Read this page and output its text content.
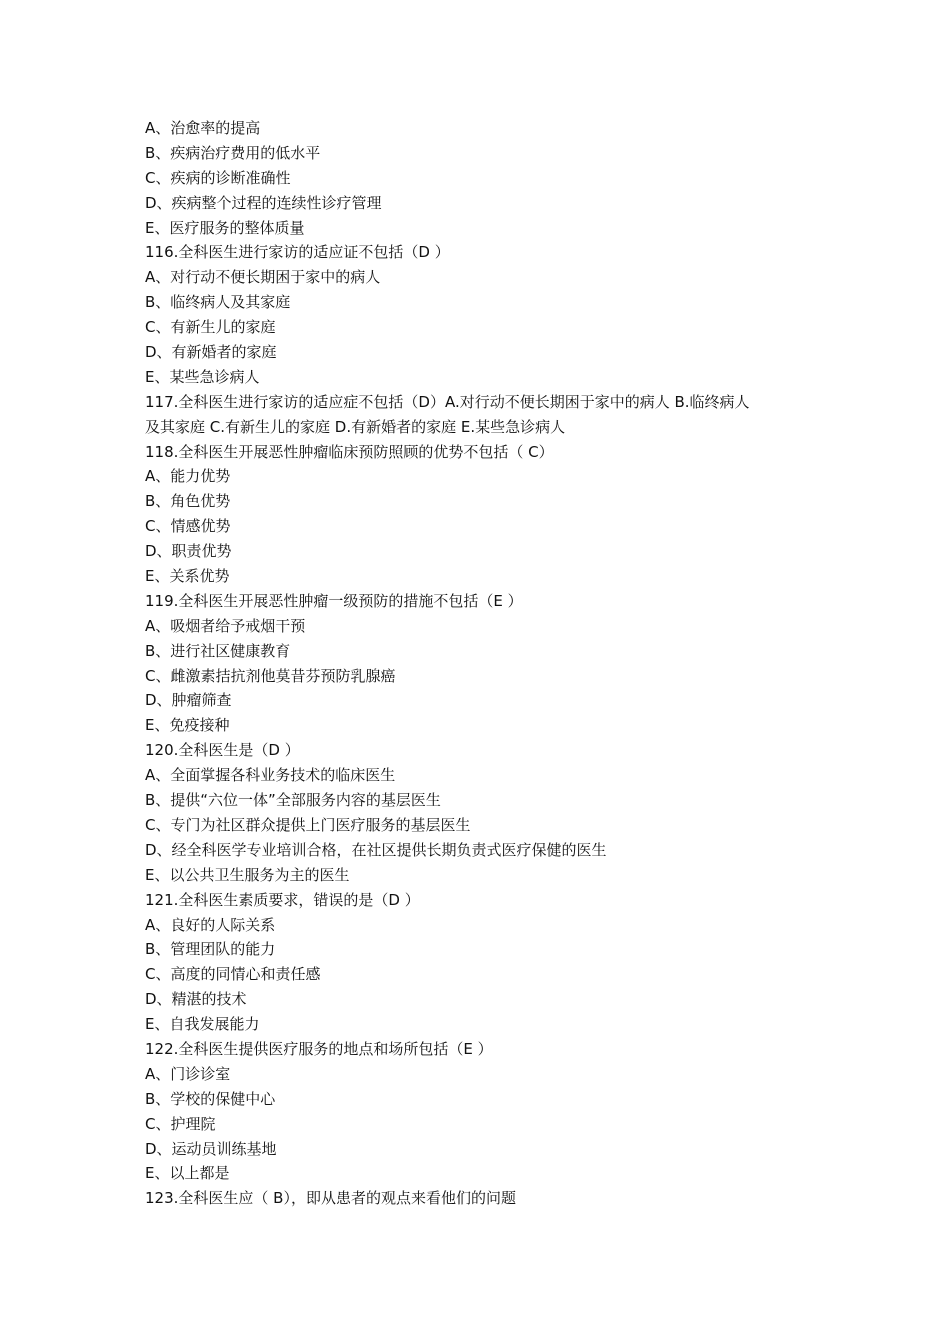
A、治愈率的提高
B、疾病治疗费用的低水平
C、疾病的诊断准确性
D、疾病整个过程的连续性诊疗管理
E、医疗服务的整体质量
116.全科医生进行家访的适应证不包括（D ）
A、对行动不便长期困于家中的病人
B、临终病人及其家庭
C、有新生儿的家庭
D、有新婚者的家庭
E、某些急诊病人
117.全科医生进行家访的适应症不包括（D）A.对行动不便长期困于家中的病人 B.临终病人
及其家庭 C.有新生儿的家庭 D.有新婚者的家庭 E.某些急诊病人
118.全科医生开展恶性肿瘤临床预防照顾的优势不包括（ C）
A、能力优势
B、角色优势
C、情感优势
D、职责优势
E、关系优势
119.全科医生开展恶性肿瘤一级预防的措施不包括（E ）
A、吸烟者给予戒烟干预
B、进行社区健康教育
C、雌激素拮抗剂他莫昔芬预防乳腺癌
D、肿瘤筛查
E、免疫接种
120.全科医生是（D ）
A、全面掌握各科业务技术的临床医生
B、提供“六位一体”全部服务内容的基层医生
C、专门为社区群众提供上门医疗服务的基层医生
D、经全科医学专业培训合格，在社区提供长期负责式医疗保健的医生
E、以公共卫生服务为主的医生
121.全科医生素质要求，错误的是（D ）
A、良好的人际关系
B、管理团队的能力
C、高度的同情心和责任感
D、精湛的技术
E、自我发展能力
122.全科医生提供医疗服务的地点和场所包括（E ）
A、门诊诊室
B、学校的保健中心
C、护理院
D、运动员训练基地
E、以上都是
123.全科医生应（ B），即从患者的观点来看他们的问题
